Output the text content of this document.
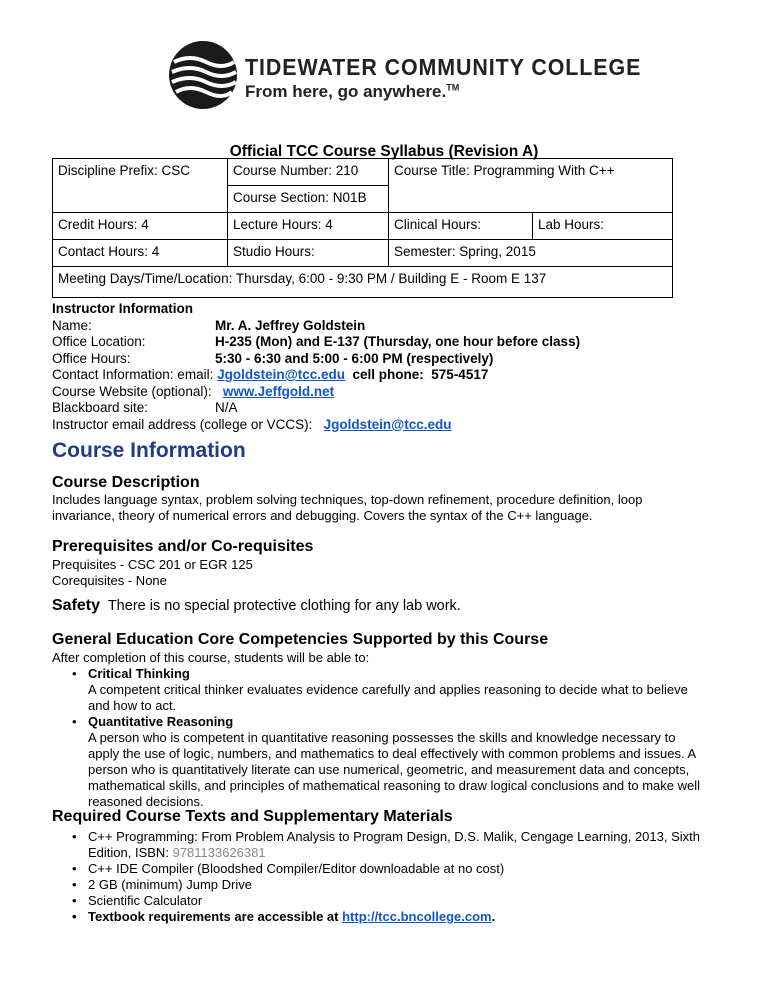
TIDEWATER COMMUNITY COLLEGE
From here, go anywhere.™
Official TCC Course Syllabus (Revision A)
Discipline Prefix: CSC	Course Number: 210	Course Title: Programming With C++	
	Course Section: N01B		
Credit Hours: 4	Lecture Hours: 4	Clinical Hours:	Lab Hours:
Contact Hours: 4	Studio Hours:	Semester: Spring, 2015	
Meeting Days/Time/Location: Thursday, 6:00 - 9:30 PM / Building E - Room E 137			
Instructor Information
Name:	Mr. A. Jeffrey Goldstein
Office Location:	H-235 (Mon) and E-137 (Thursday, one hour before class)
Office Hours:	5:30 - 6:30 and 5:00 - 6:00 PM (respectively)
Contact Information: email: Jgoldstein@tcc.edu  cell phone:  575-4517
Course Website (optional): www.Jeffgold.net
Blackboard site:	N/A
Instructor email address (college or VCCS): Jgoldstein@tcc.edu
Course Information
Course Description
Includes language syntax, problem solving techniques, top-down refinement, procedure definition, loop invariance, theory of numerical errors and debugging. Covers the syntax of the C++ language.
Prerequisites and/or Co-requisites
Prequisites - CSC 201 or EGR 125
Corequisites - None
Safety There is no special protective clothing for any lab work.
General Education Core Competencies Supported by this Course
After completion of this course, students will be able to:
• Critical Thinking
A competent critical thinker evaluates evidence carefully and applies reasoning to decide what to believe and how to act.
• Quantitative Reasoning
A person who is competent in quantitative reasoning possesses the skills and knowledge necessary to apply the use of logic, numbers, and mathematics to deal effectively with common problems and issues. A person who is quantitatively literate can use numerical, geometric, and measurement data and concepts, mathematical skills, and principles of mathematical reasoning to draw logical conclusions and to make well reasoned decisions.
Required Course Texts and Supplementary Materials
• C++ Programming: From Problem Analysis to Program Design, D.S. Malik, Cengage Learning, 2013, Sixth Edition, ISBN: 9781133626381
• C++ IDE Compiler (Bloodshed Compiler/Editor downloadable at no cost)
• 2 GB (minimum) Jump Drive
• Scientific Calculator
• Textbook requirements are accessible at http://tcc.bncollege.com.
